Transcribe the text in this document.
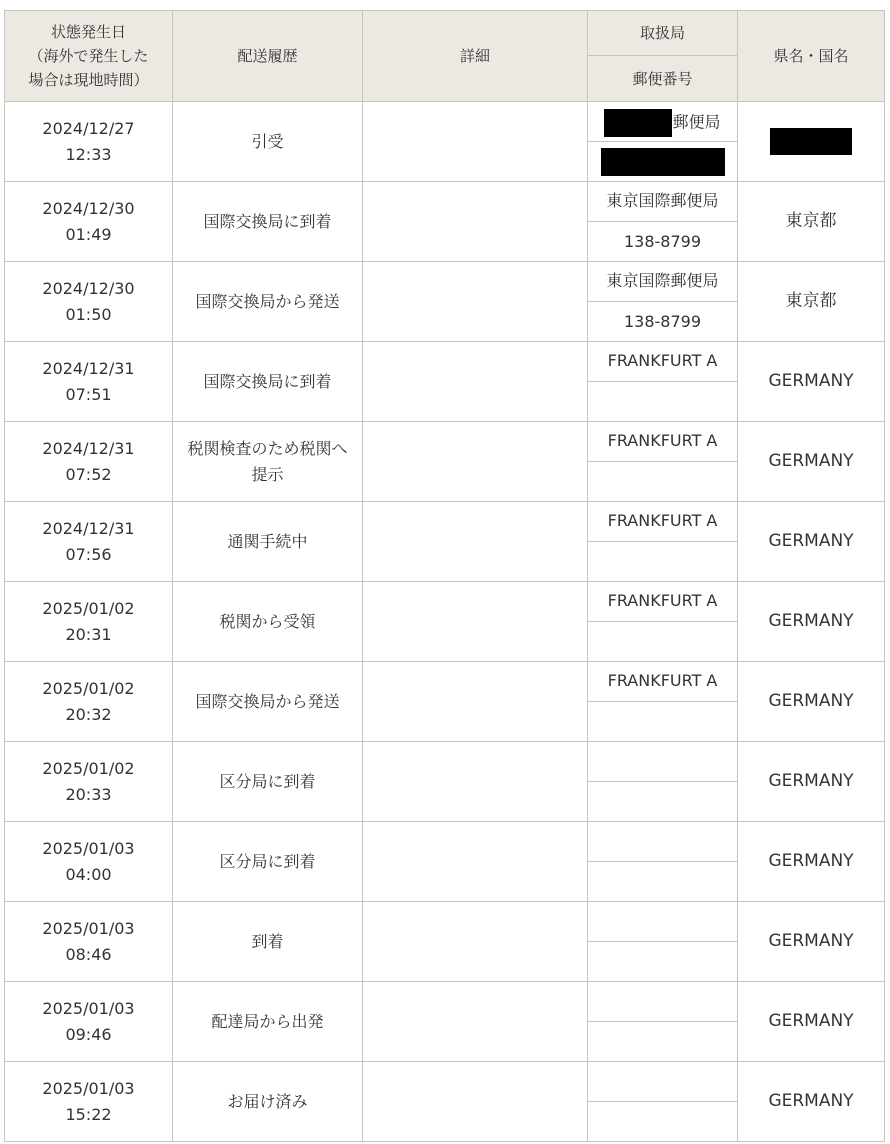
状態発生日
（海外で発生した
場合は現地時間）	配送履歴	詳細	取扱局	県名・国名
			郵便番号	
2024/12/27
12:33	引受		郵便局	

2024/12/30
01:49	国際交換局に到着		東京国際郵便局	東京都
			138-8799	
2024/12/30
01:50	国際交換局から発送		東京国際郵便局	東京都
			138-8799	
2024/12/31
07:51	国際交換局に到着		FRANKFURT A	GERMANY

2024/12/31
07:52	税関検査のため税関へ
提示		FRANKFURT A	GERMANY

2024/12/31
07:56	通関手続中		FRANKFURT A	GERMANY

2025/01/02
20:31	税関から受領		FRANKFURT A	GERMANY

2025/01/02
20:32	国際交換局から発送		FRANKFURT A	GERMANY

2025/01/02
20:33	区分局に到着			GERMANY

2025/01/03
04:00	区分局に到着			GERMANY

2025/01/03
08:46	到着			GERMANY

2025/01/03
09:46	配達局から出発			GERMANY

2025/01/03
15:22	お届け済み			GERMANY
